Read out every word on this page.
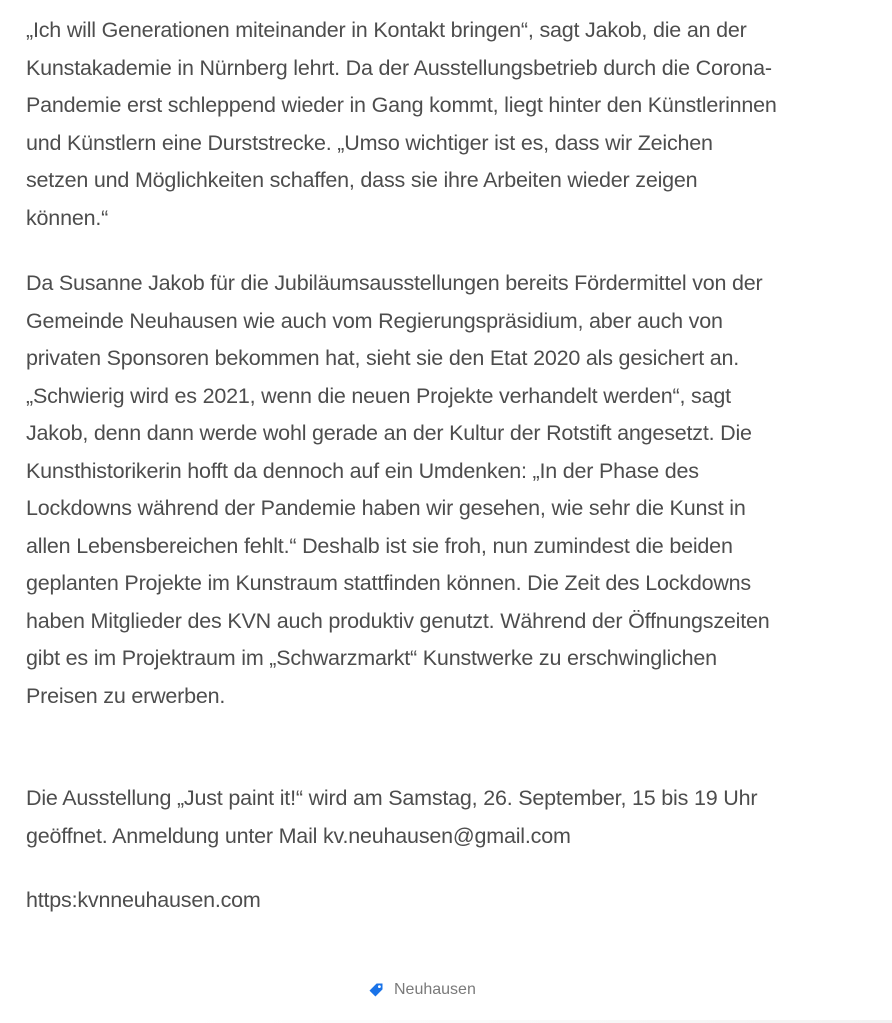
„Ich will Generationen miteinander in Kontakt bringen“, sagt Jakob, die an der
Kunstakademie in Nürnberg lehrt. Da der Ausstellungsbetrieb durch die Corona-
Pandemie erst schleppend wieder in Gang kommt, liegt hinter den Künstlerinnen
und Künstlern eine Durststrecke. „Umso wichtiger ist es, dass wir Zeichen
setzen und Möglichkeiten schaffen, dass sie ihre Arbeiten wieder zeigen
können.“

Da Susanne Jakob für die Jubiläumsausstellungen bereits Fördermittel von der
Gemeinde Neuhausen wie auch vom Regierungspräsidium, aber auch von
privaten Sponsoren bekommen hat, sieht sie den Etat 2020 als gesichert an.
„Schwierig wird es 2021, wenn die neuen Projekte verhandelt werden“, sagt
Jakob, denn dann werde wohl gerade an der Kultur der Rotstift angesetzt. Die
Kunsthistorikerin hofft da dennoch auf ein Umdenken: „In der Phase des
Lockdowns während der Pandemie haben wir gesehen, wie sehr die Kunst in
allen Lebensbereichen fehlt.“ Deshalb ist sie froh, nun zumindest die beiden
geplanten Projekte im Kunstraum stattfinden können. Die Zeit des Lockdowns
haben Mitglieder des KVN auch produktiv genutzt. Während der Öffnungszeiten
gibt es im Projektraum im „Schwarzmarkt“ Kunstwerke zu erschwinglichen
Preisen zu erwerben.

Die Ausstellung „Just paint it!“ wird am Samstag, 26. September, 15 bis 19 Uhr
geöffnet. Anmeldung unter Mail kv.neuhausen@gmail.com

https:kvnneuhausen.com

Neuhausen
